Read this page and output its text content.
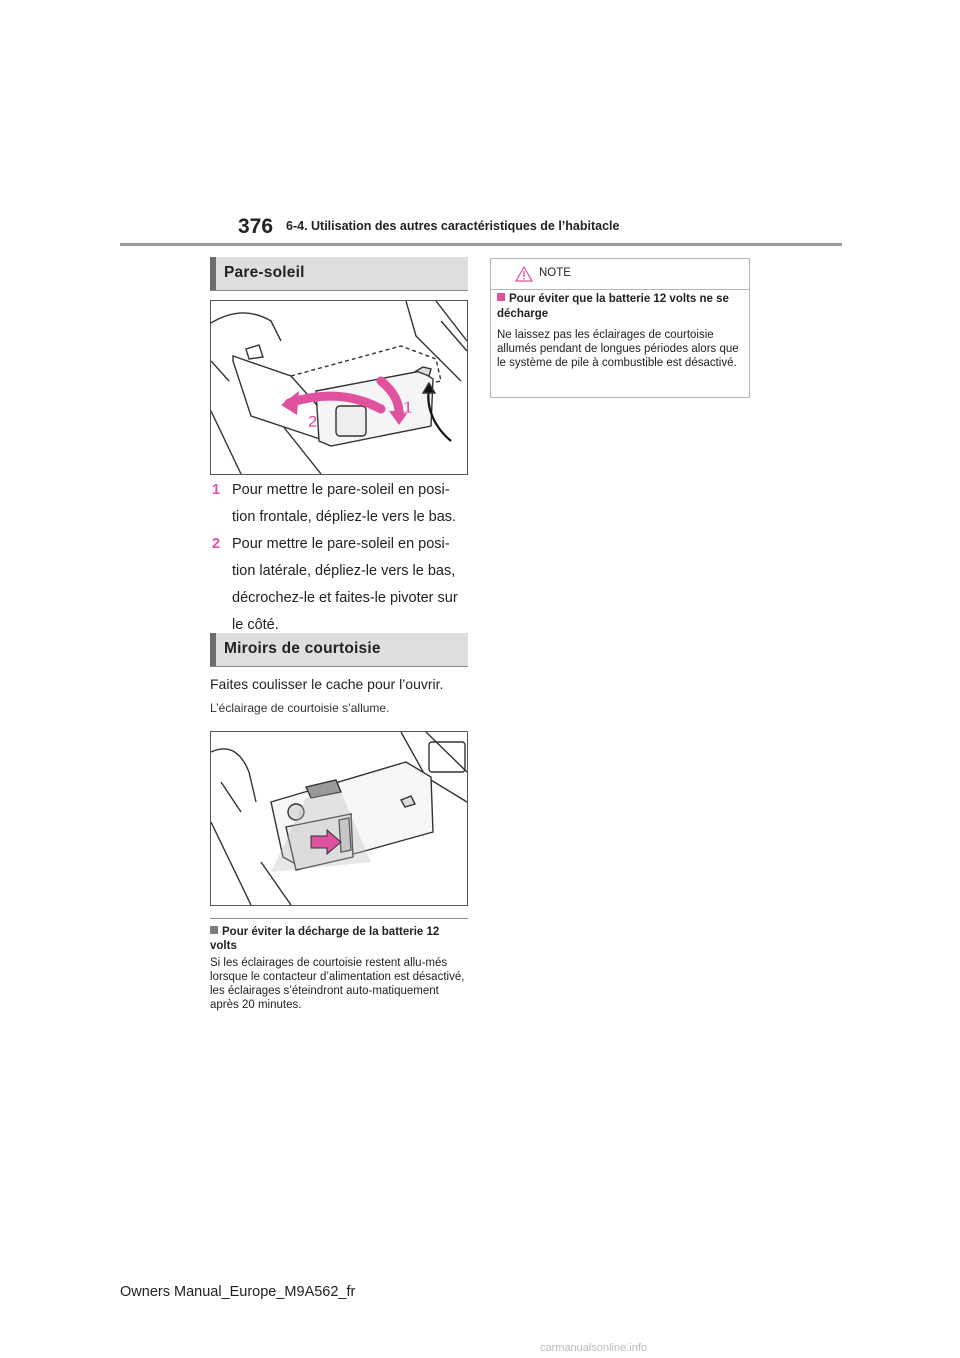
376 6-4. Utilisation des autres caractéristiques de l’habitacle
Pare-soleil
1
2
1 Pour mettre le pare-soleil en posi-
tion frontale, dépliez-le vers le bas.
2 Pour mettre le pare-soleil en posi-
tion latérale, dépliez-le vers le bas,
décrochez-le et faites-le pivoter sur
le côté.
Miroirs de courtoisie
Faites coulisser le cache pour l’ouvrir.
L’éclairage de courtoisie s’allume.
Pour éviter la décharge de la batterie 12 volts
Si les éclairages de courtoisie restent allu-més lorsque le contacteur d’alimentation est désactivé, les éclairages s’éteindront auto-matiquement après 20 minutes.
NOTE
Pour éviter que la batterie 12 volts ne se décharge
Ne laissez pas les éclairages de courtoisie allumés pendant de longues périodes alors que le système de pile à combustible est désactivé.
Owners Manual_Europe_M9A562_fr
carmanualsonline.info
